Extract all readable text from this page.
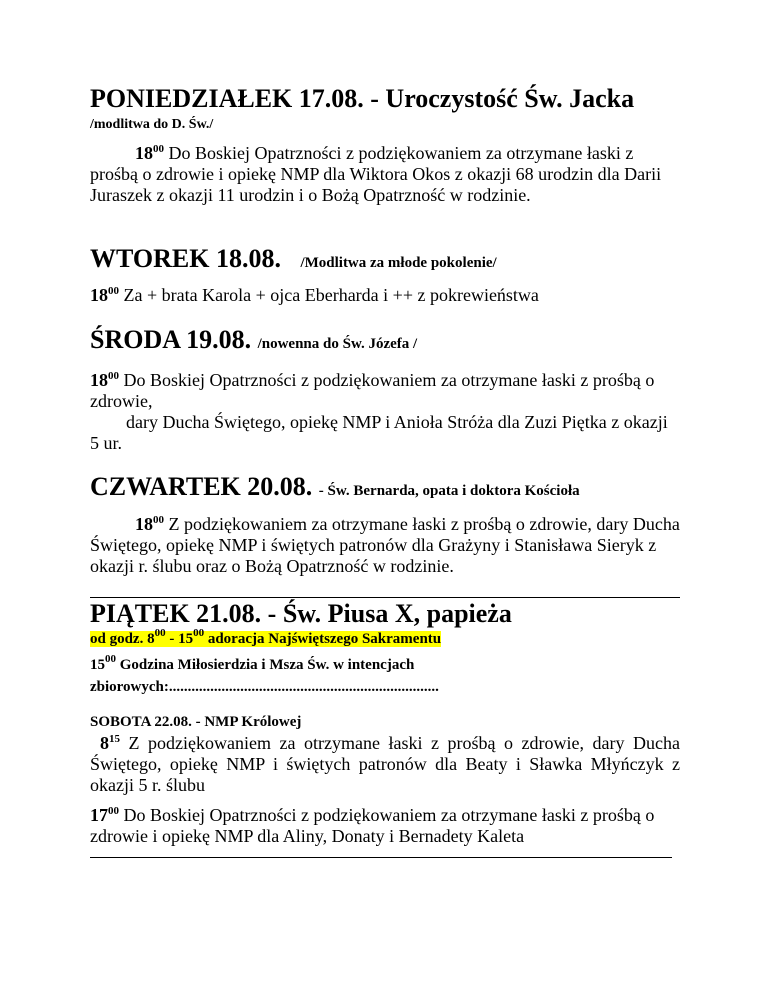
PONIEDZIAŁEK 17.08. - Uroczystość Św. Jacka
/modlitwa do D. Św./

$18^{00}$ Do Boskiej Opatrzności z podziękowaniem za otrzymane łaski z prośbą o zdrowie i opiekę NMP dla Wiktora Okos z okazji 68 urodzin dla Darii Juraszek z okazji 11 urodzin i o Bożą Opatrzność w rodzinie.

WTOREK 18.08. /Modlitwa za młode pokolenie/

$18^{00}$ Za + brata Karola + ojca Eberharda i ++ z pokrewieństwa

ŚRODA 19.08. /nowenna do Św. Józefa /

$18^{00}$ Do Boskiej Opatrzności z podziękowaniem za otrzymane łaski z prośbą o zdrowie,
dary Ducha Świętego, opiekę NMP i Anioła Stróża dla Zuzi Piętka z okazji 5 ur.

CZWARTEK 20.08. - Św. Bernarda, opata i doktora Kościoła

$18^{00}$ Z podziękowaniem za otrzymane łaski z prośbą o zdrowie, dary Ducha Świętego, opiekę NMP i świętych patronów dla Grażyny i Stanisława Sieryk z okazji r. ślubu oraz o Bożą Opatrzność w rodzinie.

PIĄTEK 21.08. - Św. Piusa X, papieża
od godz. $8^{00} - 15^{00}$ adoracja Najświętszego Sakramentu

$15^{00}$ Godzina Miłosierdzia i Msza Św. w intencjach zbiorowych:........................................................................

SOBOTA 22.08. - NMP Królowej

$8^{15}$ Z podziękowaniem za otrzymane łaski z prośbą o zdrowie, dary Ducha Świętego, opiekę NMP i świętych patronów dla Beaty i Sławka Młyńczyk z okazji 5 r. ślubu

$17^{00}$ Do Boskiej Opatrzności z podziękowaniem za otrzymane łaski z prośbą o zdrowie i opiekę NMP dla Aliny, Donaty i Bernadety Kaleta
